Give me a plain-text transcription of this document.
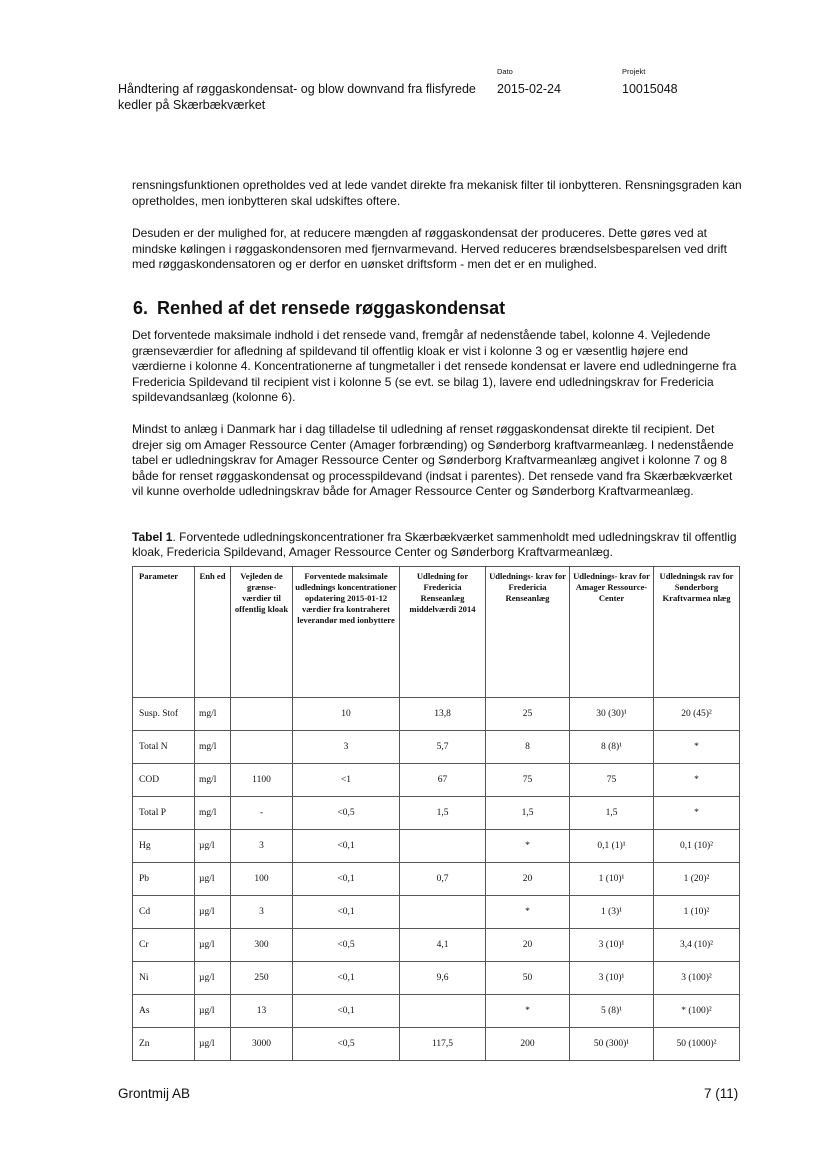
Håndtering af røggaskondensat- og blow downvand fra flisfyrede kedler på Skærbækværket
Dato
2015-02-24
Projekt
10015048

rensningsfunktionen opretholdes ved at lede vandet direkte fra mekanisk filter til ionbytteren. Rensningsgraden kan opretholdes, men ionbytteren skal udskiftes oftere.

Desuden er der mulighed for, at reducere mængden af røggaskondensat der produceres. Dette gøres ved at mindske kølingen i røggaskondensoren med fjernvarmevand. Herved reduceres brændselsbesparelsen ved drift med røggaskondensatoren og er derfor en uønsket driftsform - men det er en mulighed.

6. Renhed af det rensede røggaskondensat

Det forventede maksimale indhold i det rensede vand, fremgår af nedenstående tabel, kolonne 4. Vejledende grænseværdier for afledning af spildevand til offentlig kloak er vist i kolonne 3 og er væsentlig højere end værdierne i kolonne 4. Koncentrationerne af tungmetaller i det rensede kondensat er lavere end udledningerne fra Fredericia Spildevand til recipient vist i kolonne 5 (se evt. se bilag 1), lavere end udledningskrav for Fredericia spildevandsanlæg (kolonne 6).

Mindst to anlæg i Danmark har i dag tilladelse til udledning af renset røggaskondensat direkte til recipient. Det drejer sig om Amager Ressource Center (Amager forbrænding) og Sønderborg kraftvarmeanlæg. I nedenstående tabel er udledningskrav for Amager Ressource Center og Sønderborg Kraftvarmeanlæg angivet i kolonne 7 og 8 både for renset røggaskondensat og processpildevand (indsat i parentes). Det rensede vand fra Skærbækværket vil kunne overholde udledningskrav både for Amager Ressource Center og Sønderborg Kraftvarmeanlæg.

Tabel 1. Forventede udledningskoncentrationer fra Skærbækværket sammenholdt med udledningskrav til offentlig kloak, Fredericia Spildevand, Amager Ressource Center og Sønderborg Kraftvarmeanlæg.

Parameter	Enh ed	Vejleden de grænse- værdier til offentlig kloak	Forventede maksimale udlednings koncentrationer opdatering 2015-01-12 værdier fra kontraheret leverandør med ionbyttere	Udledning for Fredericia Renseanlæg middelværdi 2014	Udlednings- krav for Fredericia Renseanlæg	Udlednings- krav for Amager Ressource- Center	Udledningsk rav for Sønderborg Kraftvarmea nlæg
Susp. Stof	mg/l		10	13,8	25	30 (30)¹	20 (45)²
Total N	mg/l		3	5,7	8	8 (8)¹	*
COD	mg/l	1100	<1	67	75	75	*
Total P	mg/l	-	<0,5	1,5	1,5	1,5	*
Hg	µg/l	3	<0,1		*	0,1 (1)¹	0,1 (10)²
Pb	µg/l	100	<0,1	0,7	20	1 (10)¹	1 (20)²
Cd	µg/l	3	<0,1		*	1 (3)¹	1 (10)²
Cr	µg/l	300	<0,5	4,1	20	3 (10)¹	3,4 (10)²
Ni	µg/l	250	<0,1	9,6	50	3 (10)¹	3 (100)²
As	µg/l	13	<0,1		*	5 (8)¹	* (100)²
Zn	µg/l	3000	<0,5	117,5	200	50 (300)¹	50 (1000)²
Grontmij AB	7 (11)
